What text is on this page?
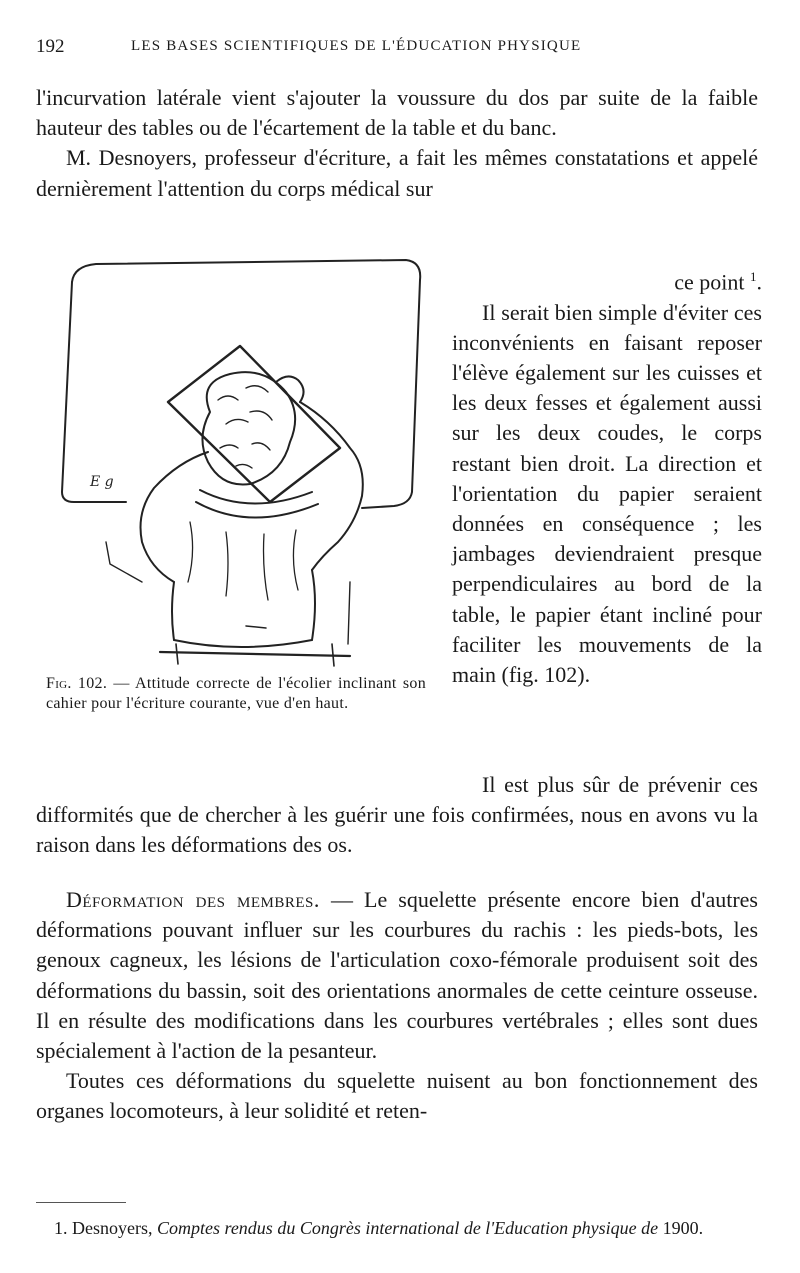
192	LES BASES SCIENTIFIQUES DE L'ÉDUCATION PHYSIQUE

l'incurvation latérale vient s'ajouter la voussure du dos par suite de la faible hauteur des tables ou de l'écartement de la table et du banc.

M. Desnoyers, professeur d'écriture, a fait les mêmes constatations et appelé dernièrement l'attention du corps médical sur

E g

ce point $^1$.

Il serait bien simple d'éviter ces inconvénients en faisant reposer l'élève également sur les cuisses et les deux fesses et également aussi sur les deux coudes, le corps restant bien droit. La direction et l'orientation du papier seraient données en conséquence ; les jambages deviendraient presque perpendiculaires au bord de la table, le papier étant incliné pour faciliter les mouvements de la main (fig. 102).

Fig. 102. — Attitude correcte de l'écolier inclinant son cahier pour l'écriture courante, vue d'en haut.

Il est plus sûr de prévenir ces difformités que de chercher à les guérir une fois confirmées, nous en avons vu la raison dans les déformations des os.

Déformation des membres. — Le squelette présente encore bien d'autres déformations pouvant influer sur les courbures du rachis : les pieds-bots, les genoux cagneux, les lésions de l'articulation coxo-fémorale produisent soit des déformations du bassin, soit des orientations anormales de cette ceinture osseuse. Il en résulte des modifications dans les courbures vertébrales ; elles sont dues spécialement à l'action de la pesanteur.

Toutes ces déformations du squelette nuisent au bon fonctionnement des organes locomoteurs, à leur solidité et reten-

1. Desnoyers, Comptes rendus du Congrès international de l'Education physique de 1900.
